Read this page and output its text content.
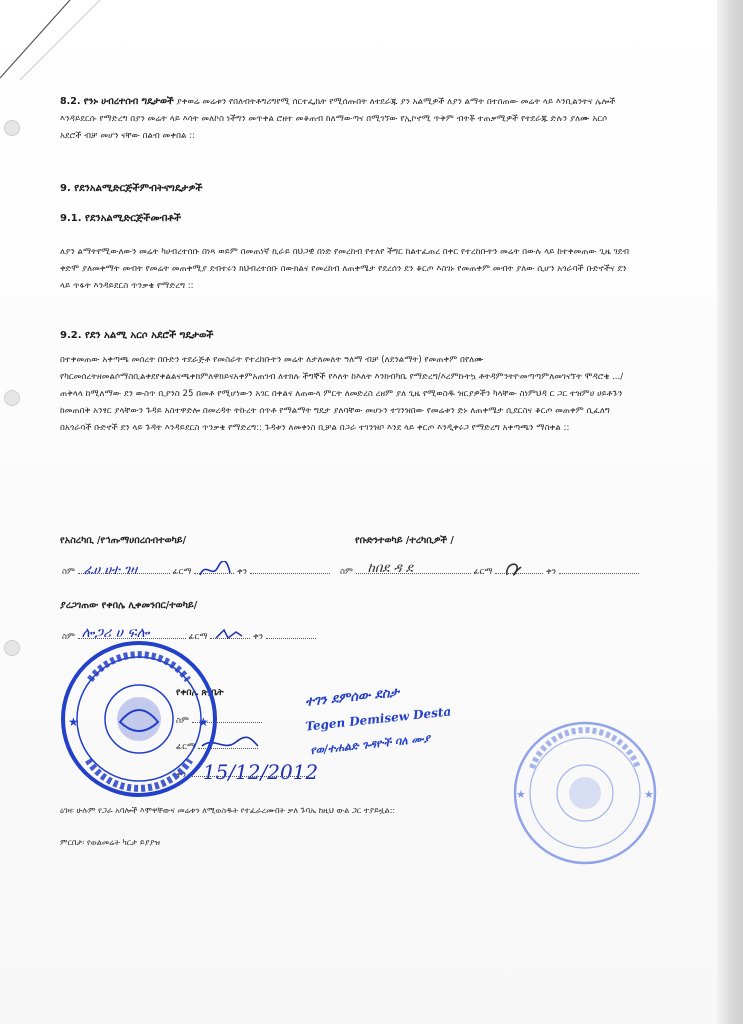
8.2. የንኑ ሀብረተሰብ ግዴታወች ያቀወሬ መሬቱን የበለብትቶግሪግየሚ ሰርተፌኬት የሚሰጡበት ለተደራጁ ያን አልሚዎች ለያን ልማት በተሰጠው መሬት ላይ እንቢልንትና ሌሎች እንዳይደርሱ የማድረግ በያን መሬት ላይ እሳት መለኮስ ነችግን መጥቀል ሮዘተ መቆጠብ ከለማውጣና በሚገኘው የኢኮኖሚ ጥቅም ብትቾ ተጠቃሚዎች የተደራጁ ድሉን ያለሙ አርሶ አደሮች ብቻ መሆን ናቸው በልብ መቀበል ::
9. የደንአልሚድርጅችምብትናግዴታዎች
9.1. የደንአልሚድርጅችመብቶች
ለያን ልማትየሚውለውን መሬት ካሀብረተሰቡ በነጻ ወይም በመጠነኛ ኪራይ በህጋዊ በነድ የመረከብ የተለየ ችግር ከልተፈጠረ በቀር የተረከቡትን መሬት በውሉ ላይ ከተቀመጠው ጊዜ ገደብ ቀድሞ ያለመቀማት መብት የመሬት መጠቀሚያ ደብተሩን ክህብረተሰቡ በውክልና የመረከብ ለጠቀሜታ የደረሰን ደን ቆርጦ እስገኑ የመጠቀም መብት ያለው ሲሆን አጎራባች ቡድኖችና ደን ላይ ጥፋት እንዳይደርስ ጥንቃቄ የማድረግ ::
9.2. የደን አልሚ አርሶ አደሮች ግዴታወች
በተቀመጠው አቀጣጫ መሰረት በቡድን ተደራጅቶ የመስራት የተረከቡትን መሬት ለታለመለት ዓለማ ብቻ (ለደንልማት) የመጠቀም በየለሙ የካርመሰረትዘመልሶማስቢልቀደየቀልልናጫቀክምለዋክይናአቀምአጠገብ ለተክሉ ችግኞች የእለት ከእለት እንክብካቤ የማድረግ/እረምኩትኳ ቶትዳምንትዮመጣጣምለመገናኘት ሞዳሮቄ .../ጠቅላላ ከሚለማው ደን ውስጥ ቢያንስ 25 በመቶ የሚሆነውን አገር በቀልና ለጠውላ ምርት ለመድረስ ረዘም ያለ ጊዜ የሚወስዱ ዝርያዎችን ካላቸው ስነምህዳ ር ጋር ተዝምሀ ሀይቶጉን ከመጠበቅ አንፃር ያላቸውን ጉዳይ አስተዋድሎ በመረዳት ትኩረት ሰጥቶ የማልማት ግዴታ ያለባቸው መሆኑን ተገንዝበው የመሬቱን ድኑ ለጠቀሜታ ሲደርስና ቆርጦ መጠቀም ሲፈለግ በአጎራባች ቡድኖች ደን ላይ ጉዳት እንዳይደርስ ጥንቃቄ የማድረግ:: ጉዳቱን ለመቀነስ ቢቻል በጋራ ተገንዝቦ እንደ ላይ ቀርጦ እንዲቀሩጋ የማድረግ አቀጣጫን ማስቀል ::
የአስረካቢ /የኅጡማሀበረሰብተወካይ/	የቡድንተወካይ /ተረካቢዎች /
ስም ፈሀ ሀተ ገዛ	ፊርማ	ቀን	ስም ከበደ ዳ ደ	ፊርማ	ቀን
ያረጋገጠው የቀበሌ ሊቀመንበር/ተወካይ/
ስም ሎጋሪ ሀ ፍሎ	ፊርማ	ቀን
የቀበሌ ጽ/ቤት
ስም
ፊርማ
ቀን 15/12/2012
★	★
ተገን ደምሰው ደስታ
Tegen Demisew Desta
የወ/ተሐልድ ጉዳዮች ባለ ሙያ
★	★
ዕገዛ፡ ሁሉም የጋራ አባሎች እሞዋቸውና መሬቱን ለሚወስዱት የተፈራረሙበት ቃለ ጉባኤ ከዚህ ውል ጋር ተያይዟል::
ምርበታ፡ የወልመሬት ካርታ ይያያዝ
